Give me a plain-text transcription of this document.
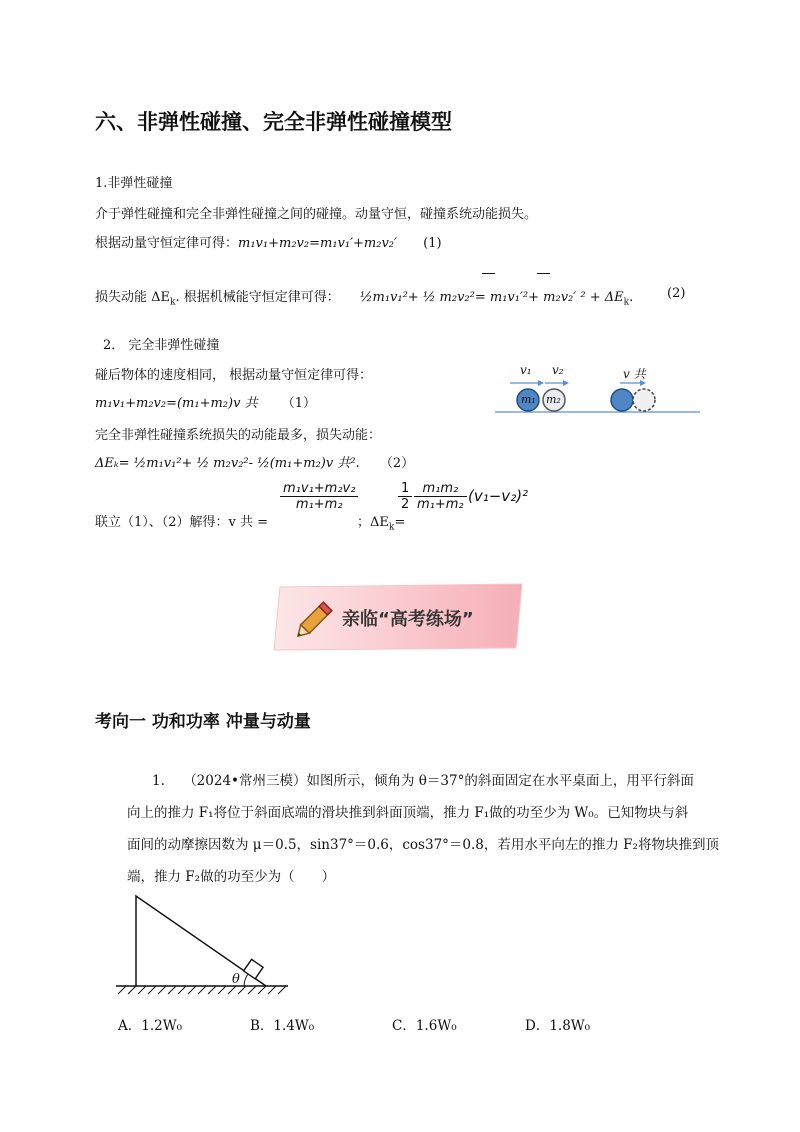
六、非弹性碰撞、完全非弹性碰撞模型
1.非弹性碰撞
介于弹性碰撞和完全非弹性碰撞之间的碰撞。动量守恒，碰撞系统动能损失。
根据动量守恒定律可得：m₁v₁+m₂v₂=m₁v₁′+m₂v₂′ (1)
损失动能 $\Delta E_k$. 根据机械能守恒定律可得： ½m₁v₁²+ ½ m₂v₂²= m₁v₁′²+ m₂v₂′ $^2 + \Delta E_k$.	(2)
2． 完全非弹性碰撞
碰后物体的速度相同， 根据动量守恒定律可得：
m₁v₁+m₂v₂=(m₁+m₂)v 共 （1）
完全非弹性碰撞系统损失的动能最多，损失动能：
ΔEₖ= ½m₁v₁²+ ½ m₂v₂²- ½(m₁+m₂)v 共². （2）
联立（1）、（2）解得：v 共 =
$\frac{\text{m₁v₁+m₂v₂}}{\text{m₁+m₂}}$
；$\Delta E_k=$
$\frac{1}{2} \frac{\text{m₁m₂}}{\text{m₁+m₂}} (v_1-v_2)^2$
v₁ v₂	v 共
m₁ m₂
亲临“高考练场”
考向一 功和功率 冲量与动量
1. （2024•常州三模）如图所示，倾角为 θ＝37°的斜面固定在水平桌面上，用平行斜面
向上的推力 F₁将位于斜面底端的滑块推到斜面顶端，推力 F₁做的功至少为 W₀。已知物块与斜
面间的动摩擦因数为 μ＝0.5，sin37°＝0.6，cos37°＝0.8，若用水平向左的推力 F₂将物块推到顶
端，推力 F₂做的功至少为（　　）
θ
A．1.2W₀	B．1.4W₀	C．1.6W₀	D．1.8W₀
